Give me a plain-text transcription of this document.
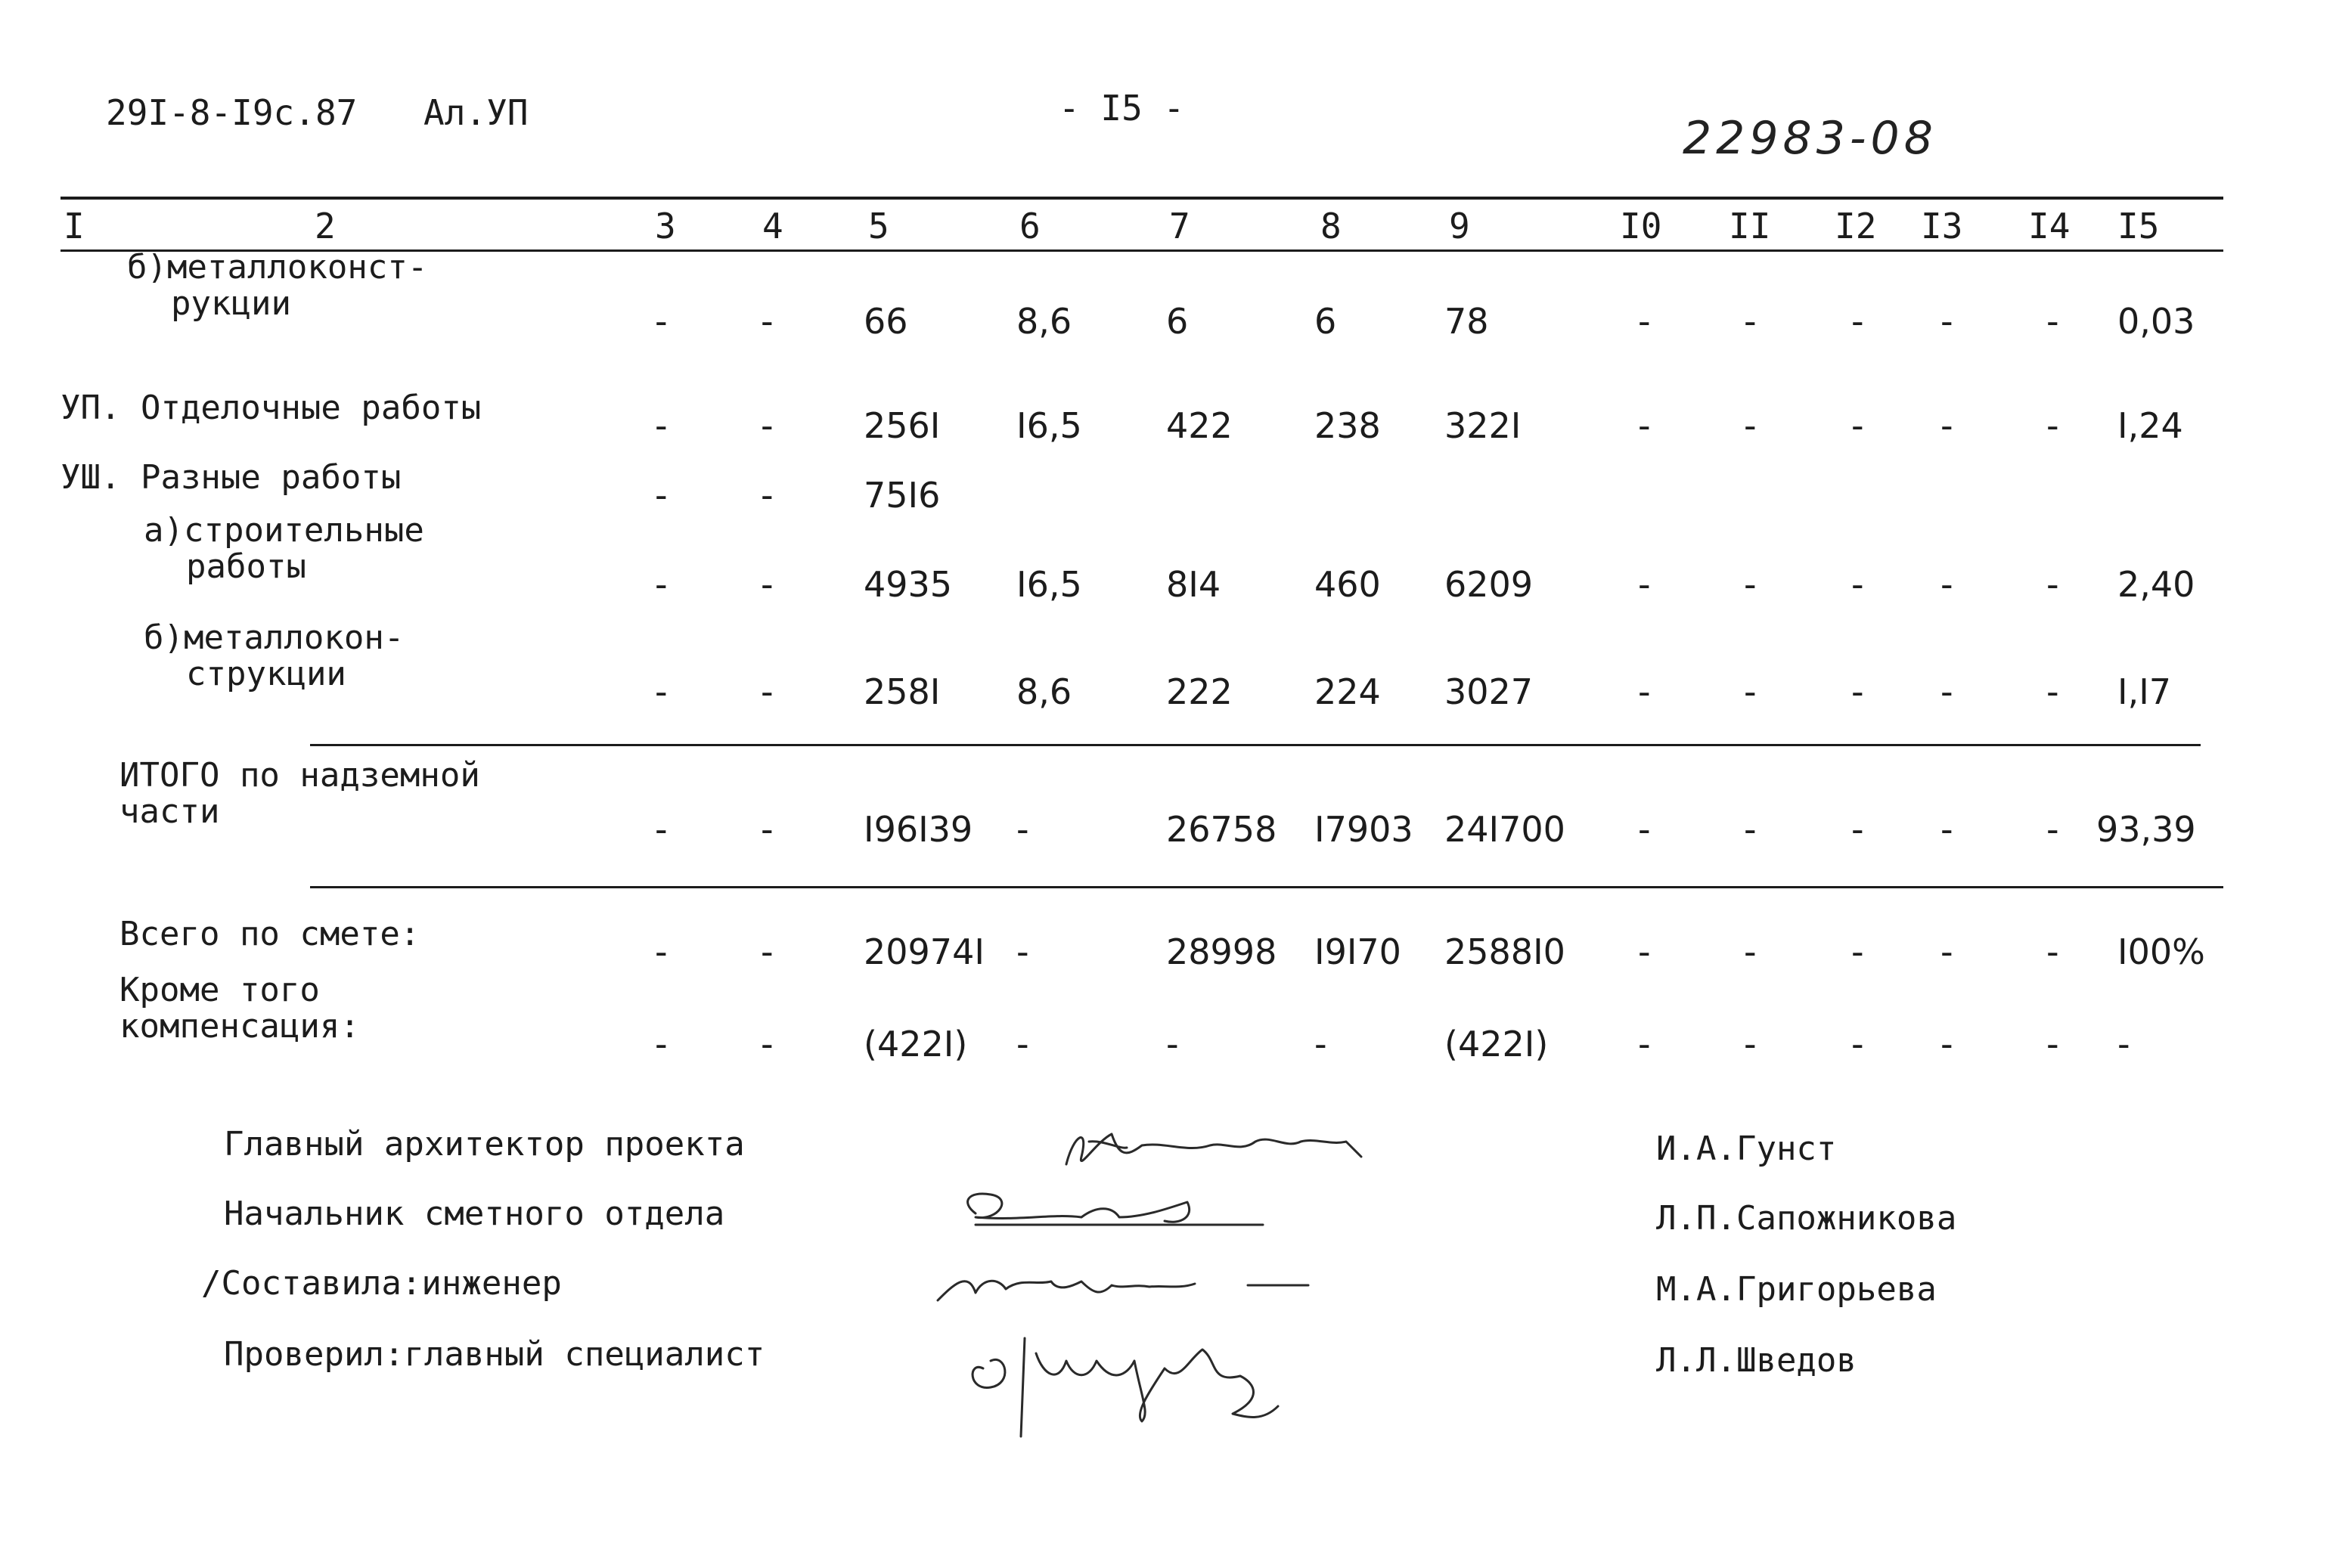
29I-8-I9c.87 Ал.УП	- I5 -
22983-08
I	2	3 4 5	6	7	8	9	I0 II I2 I3 I4 I5
б)металлоконст-
рукции	-	-	66	8,6	6	6	78	-	-	- -	- 0,03
УП. Отделочные работы	-	-	256I I6,5 422 238 322I	-	-	- -	- I,24
УШ. Разные работы	-	-	75I6
а)строительные
работы	-	-	4935 I6,5 8I4	460 6209	-	-	- -	- 2,40
б)металлокон-
струкции	-	-	258I 8,6	222 224 3027	-	-	- -	- I,I7
ИТОГО по надземной
части	-	-	I96I39 -	26758 I7903 24I700 -	-	- -	- 93,39
Всего по смете:	-	-	20974I -	28998 I9I70 2588I0 -	-	- -	- I00%
Кроме того
компенсация:	-	-	(422I) -	-	-	(422I)	-	-	- -	- -
Главный архитектор проекта
Начальник сметного отдела
/Составила:инженер
Проверил:главный специалист
И.А.Гунст
Л.П.Сапожникова
М.А.Григорьева
Л.Л.Шведов
